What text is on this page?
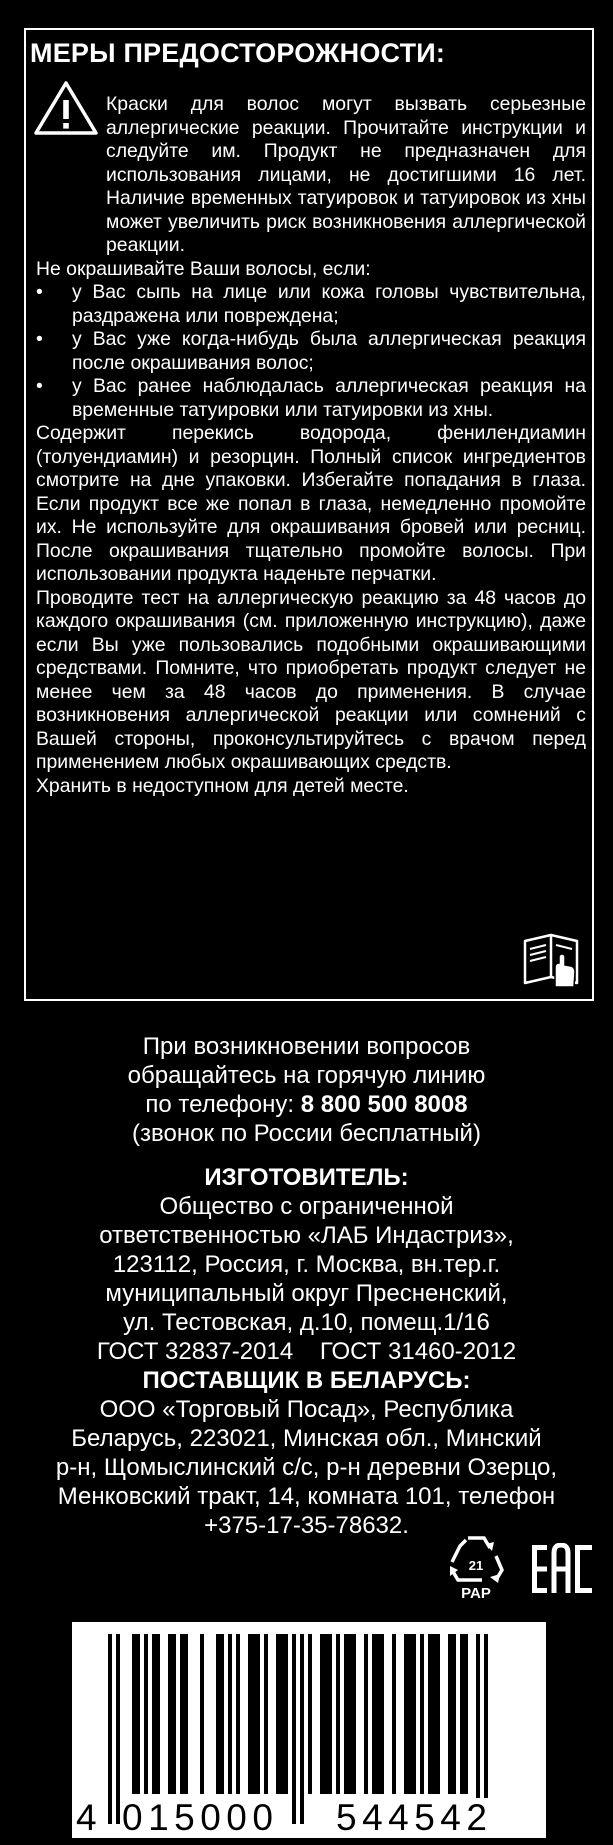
МЕРЫ ПРЕДОСТОРОЖНОСТИ:

Краски для волос могут вызвать серьезные аллергические реакции. Прочитайте инструкции и следуйте им. Продукт не предназначен для использования лицами, не достигшими 16 лет. Наличие временных татуировок и татуировок из хны может увеличить риск возникновения аллергической реакции.

Не окрашивайте Ваши волосы, если:

• у Вас сыпь на лице или кожа головы чувствительна, раздражена или повреждена;
• у Вас уже когда-нибудь была аллергическая реакция после окрашивания волос;
• у Вас ранее наблюдалась аллергическая реакция на временные татуировки или татуировки из хны.

Содержит перекись водорода, фенилендиамин (толуендиамин) и резорцин. Полный список ингредиентов смотрите на дне упаковки. Избегайте попадания в глаза. Если продукт все же попал в глаза, немедленно промойте их. Не используйте для окрашивания бровей или ресниц. После окрашивания тщательно промойте волосы. При использовании продукта наденьте перчатки.

Проводите тест на аллергическую реакцию за 48 часов до каждого окрашивания (см. приложенную инструкцию), даже если Вы уже пользовались подобными окрашивающими средствами. Помните, что приобретать продукт следует не менее чем за 48 часов до применения. В случае возникновения аллергической реакции или сомнений с Вашей стороны, проконсультируйтесь с врачом перед применением любых окрашивающих средств.

Хранить в недоступном для детей месте.

При возникновении вопросов
обращайтесь на горячую линию
по телефону: 8 800 500 8008
(звонок по России бесплатный)
ИЗГОТОВИТЕЛЬ:
Общество с ограниченной
ответственностью «ЛАБ Индастриз»,
123112, Россия, г. Москва, вн.тер.г.
муниципальный округ Пресненский,
ул. Тестовская, д.10, помещ.1/16
ГОСТ 32837-2014    ГОСТ 31460-2012
ПОСТАВЩИК В БЕЛАРУСЬ:
ООО «Торговый Посад», Республика
Беларусь, 223021, Минская обл., Минский
р-н, Щомыслинский с/с, р-н деревни Озерцо,
Менковский тракт, 14, комната 101, телефон
+375-17-35-78632.
21
PAP
4 015000 544542
